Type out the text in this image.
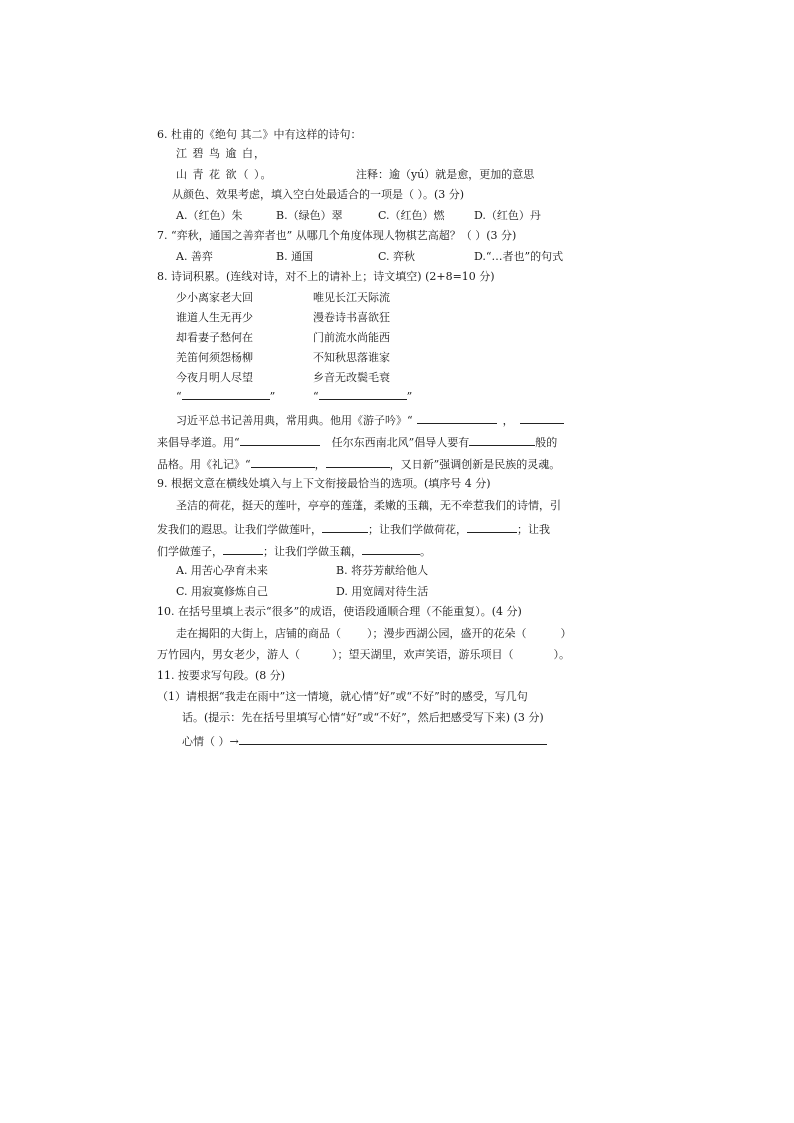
6. 杜甫的《绝句 其二》中有这样的诗句：
江 碧 鸟 逾 白，
山 青 花 欲（ ）。	注释：逾（yú）就是愈，更加的意思
从颜色、效果考虑，填入空白处最适合的一项是（ ）。(3 分)
A.（红色）朱	B.（绿色）翠	C.（红色）燃	D.（红色）丹
7. “弈秋，通国之善弈者也” 从哪几个角度体现人物棋艺高超？（ ）(3 分)
A. 善弈	B. 通国	C. 弈秋	D.“…者也”的句式
8. 诗词积累。(连线对诗，对不上的请补上；诗文填空) (2+8=10 分)
少小离家老大回
谁道人生无再少
却看妻子愁何在
羌笛何须怨杨柳
今夜月明人尽望
唯见长江天际流
漫卷诗书喜欲狂
门前流水尚能西
不知秋思落谁家
乡音无改鬓毛衰
“	”	“	”
习近平总书记善用典，常用典。他用《游子吟》“	，
来倡导孝道。用“	任尔东西南北风”倡导人要有	般的
品格。用《礼记》“	，	，又日新”强调创新是民族的灵魂。
9. 根据文意在横线处填入与上下文衔接最恰当的选项。(填序号 4 分)
圣洁的荷花，挺天的莲叶，亭亭的莲蓬，柔嫩的玉藕，无不牵惹我们的诗情，引
发我们的遐思。让我们学做莲叶，	；让我们学做荷花，	；让我
们学做莲子，	；让我们学做玉藕，	。
A. 用苦心孕育未来	B. 将芬芳献给他人
C. 用寂寞修炼自己	D. 用宽阔对待生活
10. 在括号里填上表示“很多”的成语，使语段通顺合理（不能重复）。(4 分)
走在揭阳的大街上，店铺的商品（ ）；漫步西湖公园，盛开的花朵（	）
万竹园内，男女老少，游人（	）；望天湖里，欢声笑语，游乐项目（	）。
11. 按要求写句段。(8 分)
（1）请根据“我走在雨中”这一情境，就心情“好”或“不好”时的感受，写几句
话。(提示：先在括号里填写心情“好”或“不好”，然后把感受写下来) (3 分)
心情（ ）→
